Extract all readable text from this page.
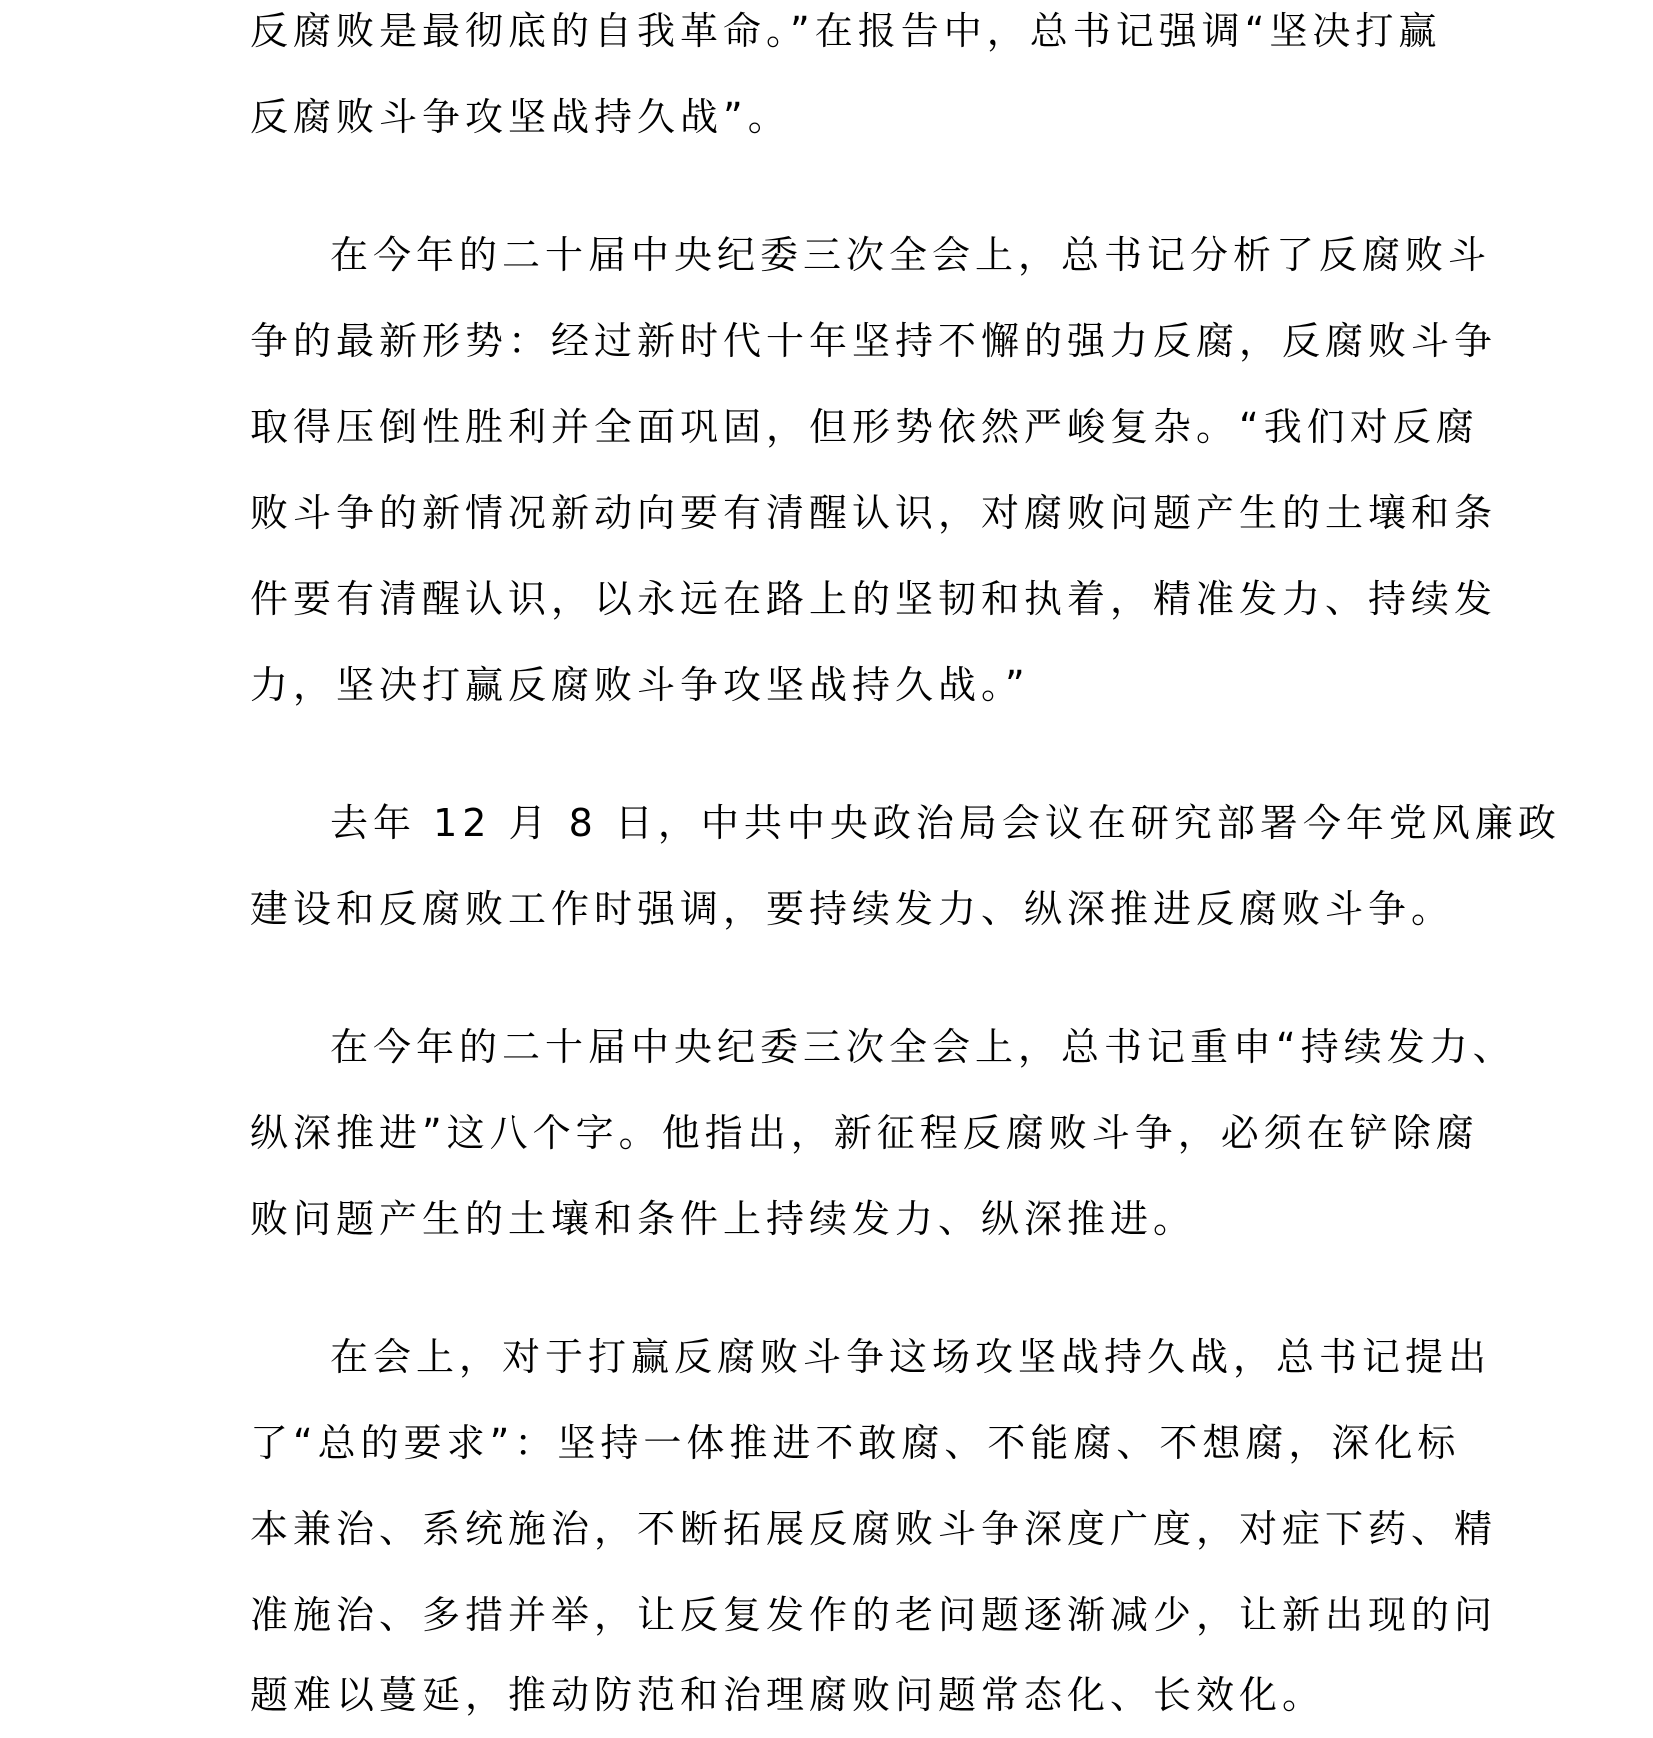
反腐败是最彻底的自我革命。”在报告中，总书记强调“坚决打赢
反腐败斗争攻坚战持久战”。
在今年的二十届中央纪委三次全会上，总书记分析了反腐败斗
争的最新形势：经过新时代十年坚持不懈的强力反腐，反腐败斗争
取得压倒性胜利并全面巩固，但形势依然严峻复杂。“我们对反腐
败斗争的新情况新动向要有清醒认识，对腐败问题产生的土壤和条
件要有清醒认识，以永远在路上的坚韧和执着，精准发力、持续发
力，坚决打赢反腐败斗争攻坚战持久战。”
去年 12 月 8 日，中共中央政治局会议在研究部署今年党风廉政
建设和反腐败工作时强调，要持续发力、纵深推进反腐败斗争。
在今年的二十届中央纪委三次全会上，总书记重申“持续发力、
纵深推进”这八个字。他指出，新征程反腐败斗争，必须在铲除腐
败问题产生的土壤和条件上持续发力、纵深推进。
在会上，对于打赢反腐败斗争这场攻坚战持久战，总书记提出
了“总的要求”：坚持一体推进不敢腐、不能腐、不想腐，深化标
本兼治、系统施治，不断拓展反腐败斗争深度广度，对症下药、精
准施治、多措并举，让反复发作的老问题逐渐减少，让新出现的问
题难以蔓延，推动防范和治理腐败问题常态化、长效化。
